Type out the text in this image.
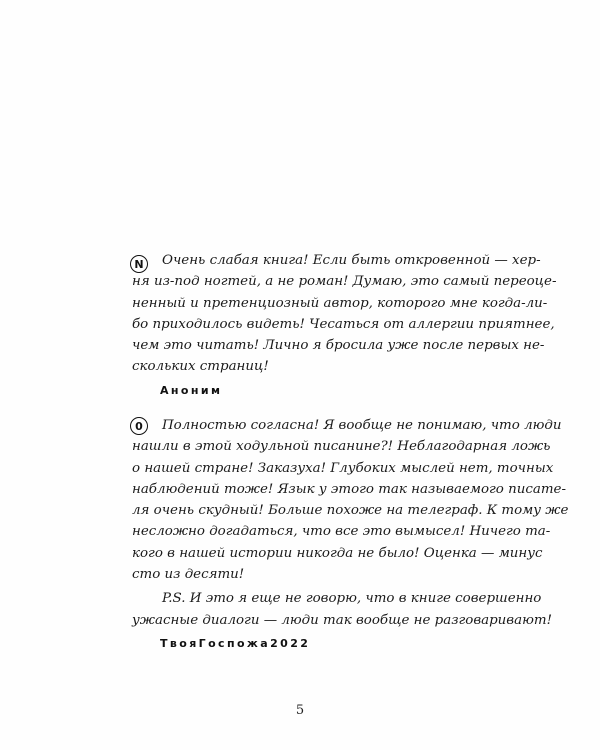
N	Очень слабая книга! Если быть откровенной — хер-
ня из-под ногтей, а не роман! Думаю, это самый переоце-
ненный и претенциозный автор, которого мне когда-ли-
бо приходилось видеть! Чесаться от аллергии приятнее,
чем это читать! Лично я бросила уже после первых не-
скольких страниц!
Аноним
0	Полностью согласна! Я вообще не понимаю, что люди
нашли в этой ходульной писанине?! Неблагодарная ложь
о нашей стране! Заказуха! Глубоких мыслей нет, точных
наблюдений тоже! Язык у этого так называемого писате-
ля очень скудный! Больше похоже на телеграф. К тому же
несложно догадаться, что все это вымысел! Ничего та-
кого в нашей истории никогда не было! Оценка — минус
сто из десяти!
P.S. И это я еще не говорю, что в книге совершенно
ужасные диалоги — люди так вообще не разговаривают!
ТвояГоспожа2022
5
